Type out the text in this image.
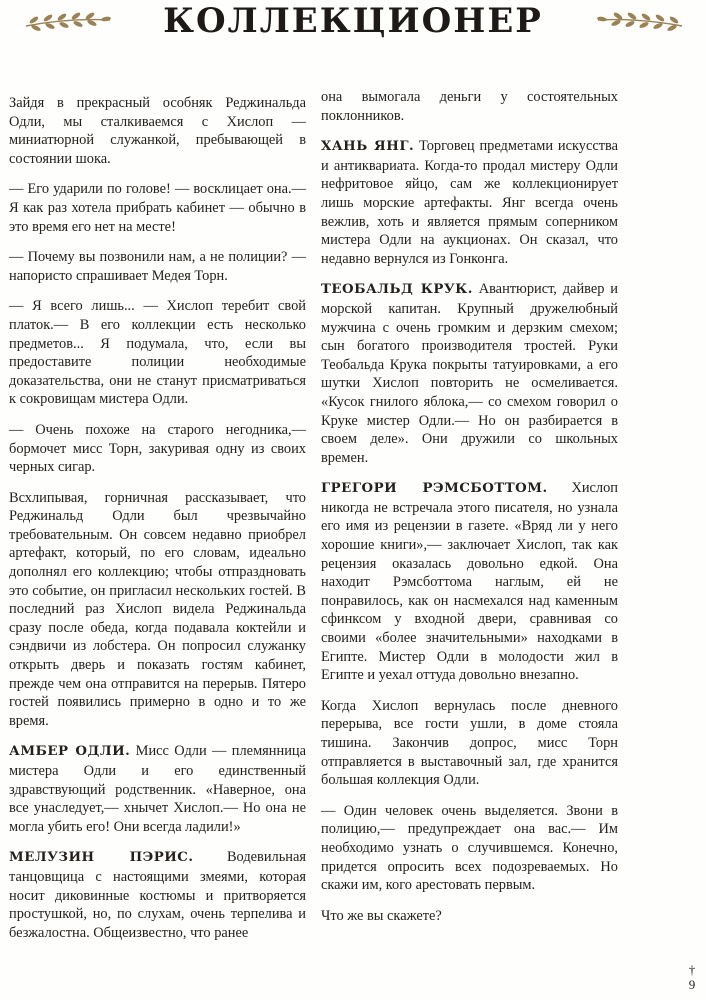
КОЛЛЕКЦИОНЕР

Зайдя в прекрасный особняк Реджинальда Одли, мы сталкиваемся с Хислоп — миниатюрной служанкой, пребывающей в состоянии шока.

— Его ударили по голове! — восклицает она.— Я как раз хотела прибрать кабинет — обычно в это время его нет на месте!

— Почему вы позвонили нам, а не полиции? — напористо спрашивает Медея Торн.

— Я всего лишь... — Хислоп теребит свой платок.— В его коллекции есть несколько предметов... Я подумала, что, если вы предоставите полиции необходимые доказательства, они не станут присматриваться к сокровищам мистера Одли.

— Очень похоже на старого негодника,— бормочет мисс Торн, закуривая одну из своих черных сигар.

Всхлипывая, горничная рассказывает, что Реджинальд Одли был чрезвычайно требовательным. Он совсем недавно приобрел артефакт, который, по его словам, идеально дополнял его коллекцию; чтобы отпраздновать это событие, он пригласил нескольких гостей. В последний раз Хислоп видела Реджинальда сразу после обеда, когда подавала коктейли и сэндвичи из лобстера. Он попросил служанку открыть дверь и показать гостям кабинет, прежде чем она отправится на перерыв. Пятеро гостей появились примерно в одно и то же время.

АМБЕР ОДЛИ. Мисс Одли — племянница мистера Одли и его единственный здравствующий родственник. «Наверное, она все унаследует,— хнычет Хислоп.— Но она не могла убить его! Они всегда ладили!»

МЕЛУЗИН ПЭРИС. Водевильная танцовщица с настоящими змеями, которая носит диковинные костюмы и притворяется простушкой, но, по слухам, очень терпелива и безжалостна. Общеизвестно, что ранее

она вымогала деньги у состоятельных поклонников.

ХАНЬ ЯНГ. Торговец предметами искусства и антиквариата. Когда-то продал мистеру Одли нефритовое яйцо, сам же коллекционирует лишь морские артефакты. Янг всегда очень вежлив, хоть и является прямым соперником мистера Одли на аукционах. Он сказал, что недавно вернулся из Гонконга.

ТЕОБАЛЬД КРУК. Авантюрист, дайвер и морской капитан. Крупный дружелюбный мужчина с очень громким и дерзким смехом; сын богатого производителя тростей. Руки Теобальда Крука покрыты татуировками, а его шутки Хислоп повторить не осмеливается. «Кусок гнилого яблока,— со смехом говорил о Круке мистер Одли.— Но он разбирается в своем деле». Они дружили со школьных времен.

ГРЕГОРИ РЭМСБОТТОМ. Хислоп никогда не встречала этого писателя, но узнала его имя из рецензии в газете. «Вряд ли у него хорошие книги»,— заключает Хислоп, так как рецензия оказалась довольно едкой. Она находит Рэмсботтома наглым, ей не понравилось, как он насмехался над каменным сфинксом у входной двери, сравнивая со своими «более значительными» находками в Египте. Мистер Одли в молодости жил в Египте и уехал оттуда довольно внезапно.

Когда Хислоп вернулась после дневного перерыва, все гости ушли, в доме стояла тишина. Закончив допрос, мисс Торн отправляется в выставочный зал, где хранится большая коллекция Одли.

— Один человек очень выделяется. Звони в полицию,— предупреждает она вас.— Им необходимо узнать о случившемся. Конечно, придется опросить всех подозреваемых. Но скажи им, кого арестовать первым.

Что же вы скажете?

†
9
